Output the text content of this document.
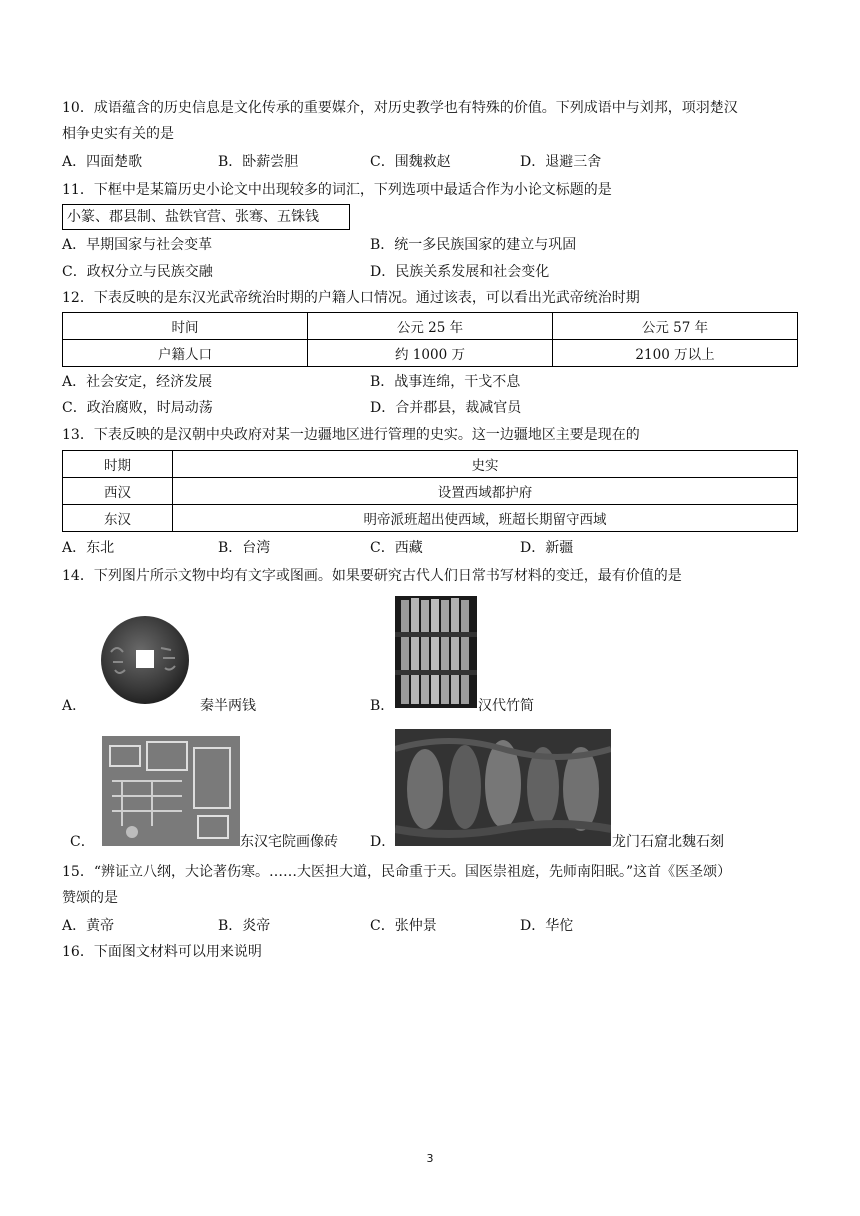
10．成语蕴含的历史信息是文化传承的重要媒介，对历史教学也有特殊的价值。下列成语中与刘邦，项羽楚汉
相争史实有关的是
A．四面楚歌	B．卧薪尝胆	C．围魏救赵	D．退避三舍
11．下框中是某篇历史小论文中出现较多的词汇，下列选项中最适合作为小论文标题的是
小篆、郡县制、盐铁官营、张骞、五铢钱
A．早期国家与社会变革	B．统一多民族国家的建立与巩固
C．政权分立与民族交融	D．民族关系发展和社会变化
12．下表反映的是东汉光武帝统治时期的户籍人口情况。通过该表，可以看出光武帝统治时期
时间	公元 25 年	公元 57 年
户籍人口	约 1000 万	2100 万以上
A．社会安定，经济发展	B．战事连绵，干戈不息
C．政治腐败，时局动荡	D．合并郡县，裁减官员
13．下表反映的是汉朝中央政府对某一边疆地区进行管理的史实。这一边疆地区主要是现在的
时期	史实
西汉	设置西域都护府
东汉	明帝派班超出使西域，班超长期留守西域
A．东北	B．台湾	C．西藏	D．新疆
14．下列图片所示文物中均有文字或图画。如果要研究古代人们日常书写材料的变迁，最有价值的是
A．	秦半两钱	B．	汉代竹简
C．	东汉宅院画像砖 D．	龙门石窟北魏石刻
15．“辨证立八纲，大论著伤寒。……大医担大道，民命重于天。国医崇祖庭，先师南阳眠。”这首《医圣颂）
赞颂的是
A．黄帝	B．炎帝	C．张仲景	D．华佗
16．下面图文材料可以用来说明
3
